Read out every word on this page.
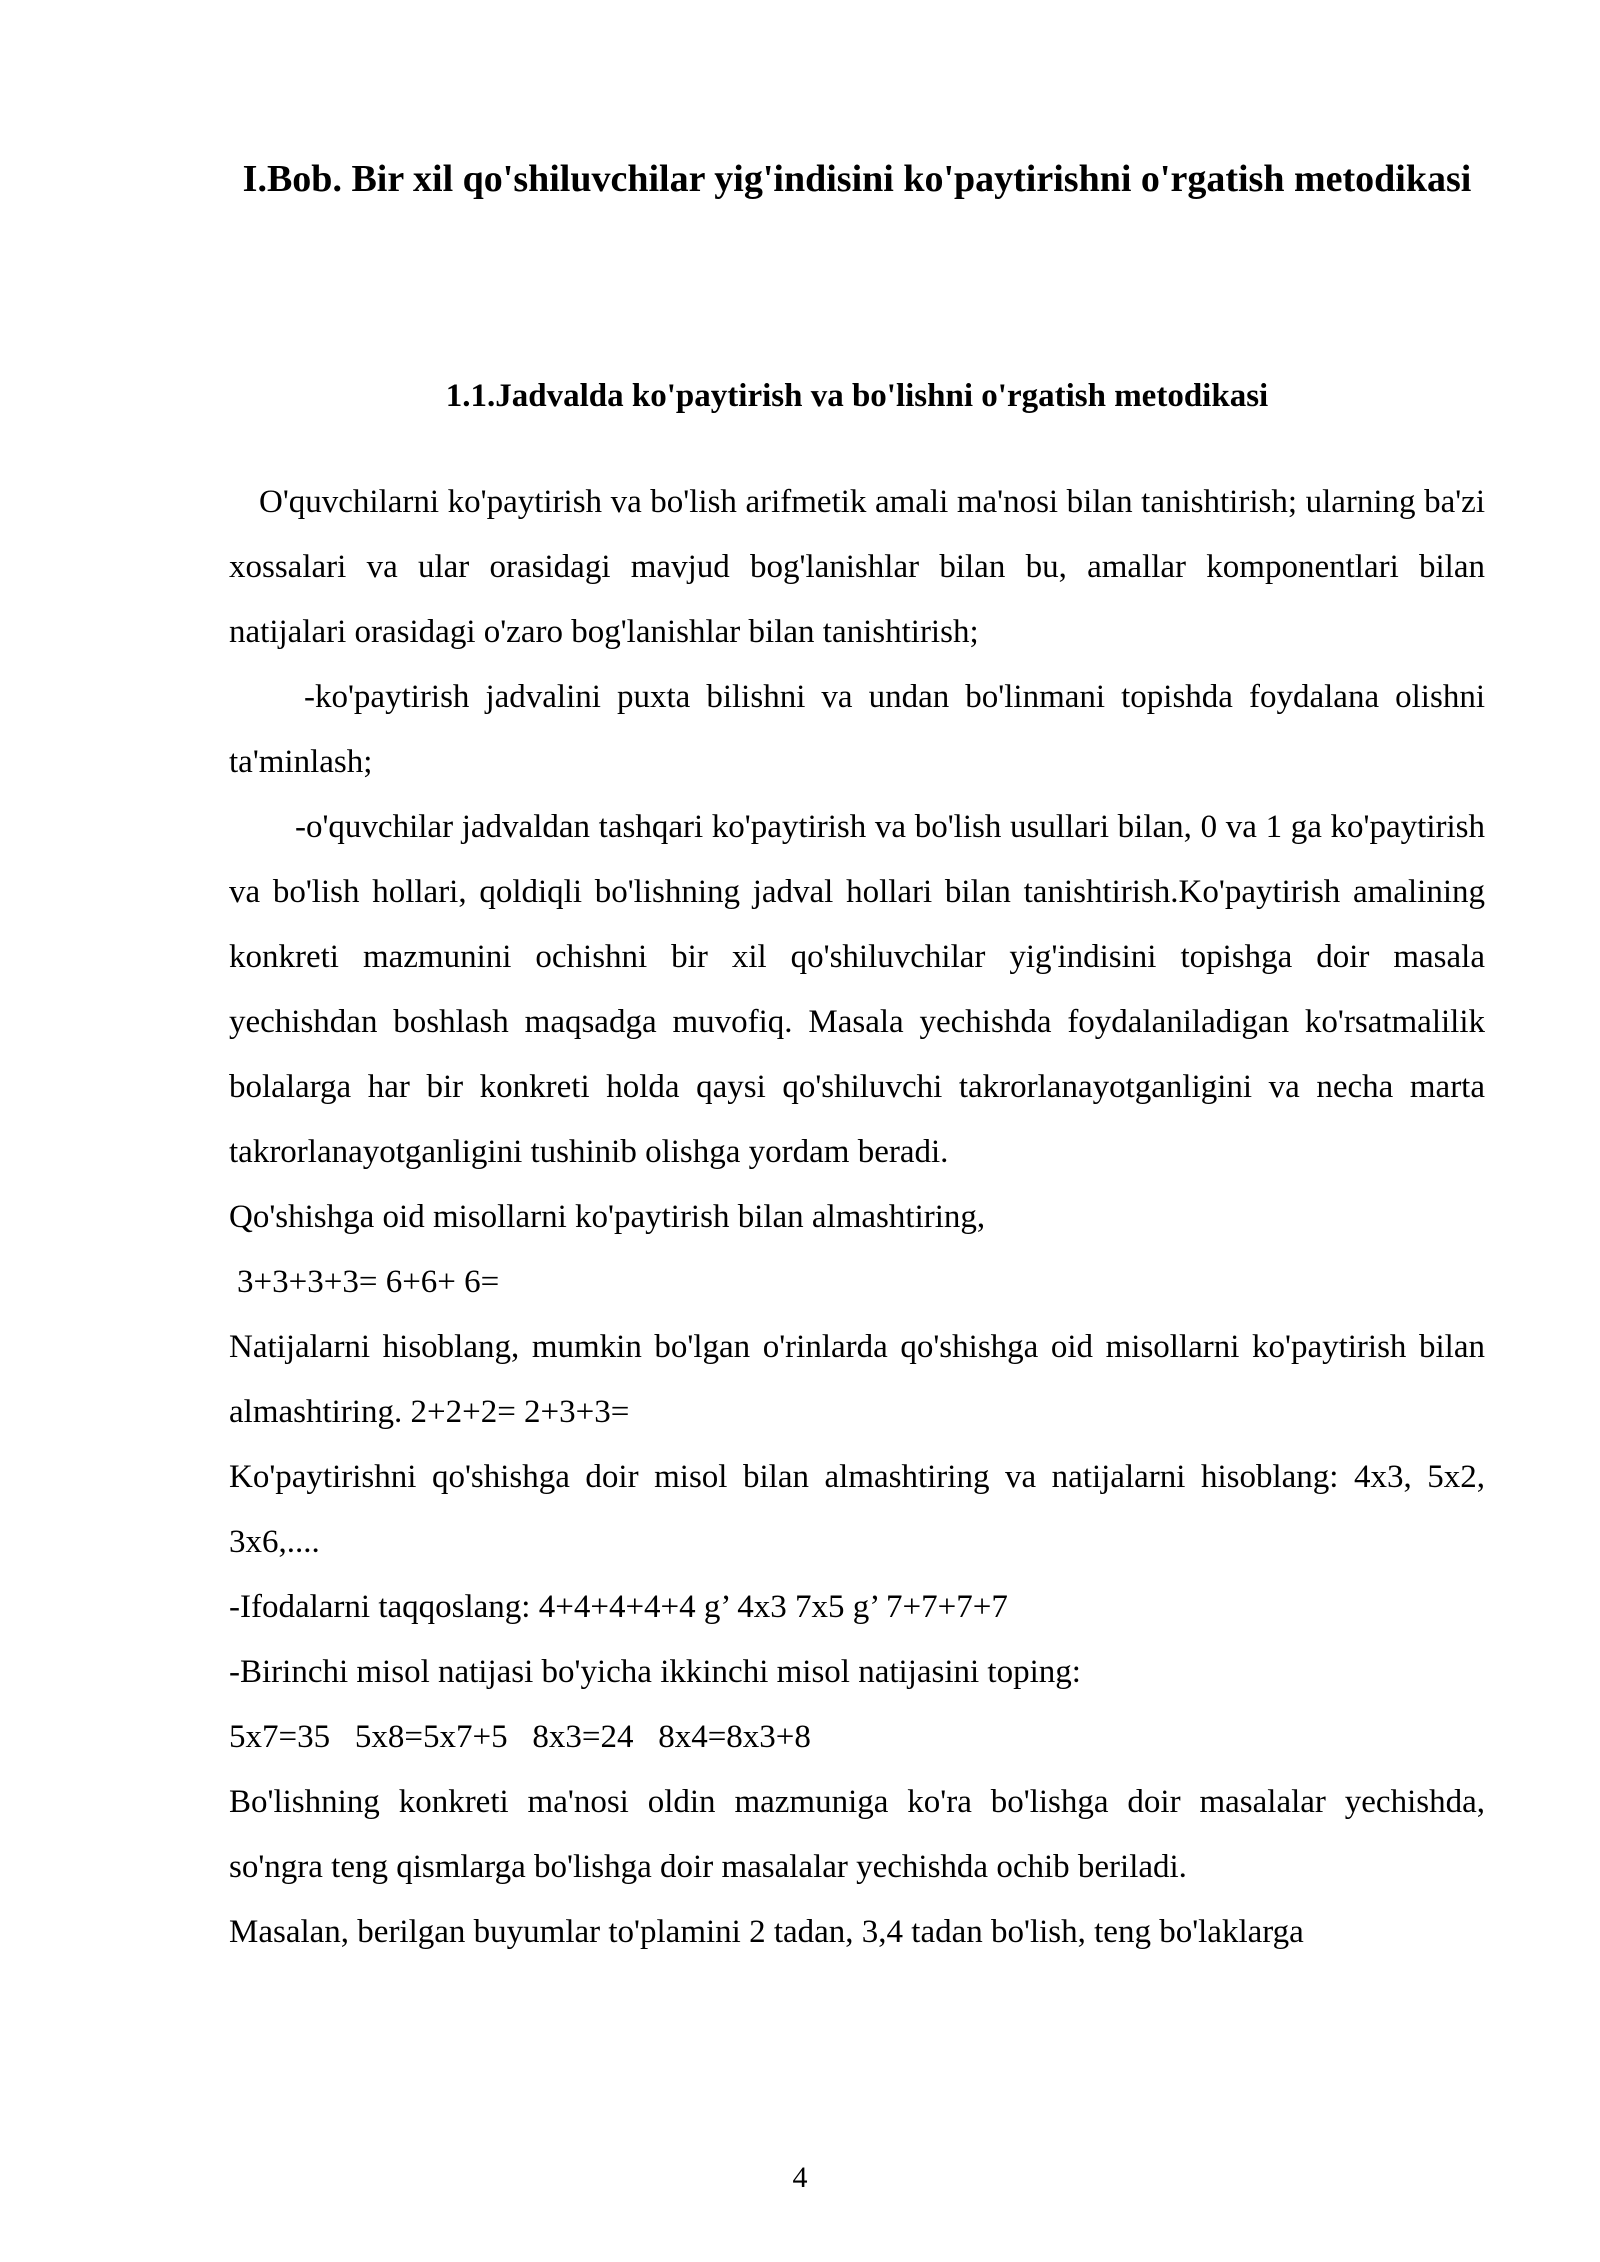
I.Bob. Bir xil qo'shiluvchilar yig'indisini ko'paytirishni o'rgatish metodikasi
1.1.Jadvalda ko'paytirish va bo'lishni o'rgatish metodikasi

O'quvchilarni ko'paytirish va bo'lish arifmetik amali ma'nosi bilan tanishtirish; ularning ba'zi xossalari va ular orasidagi mavjud bog'lanishlar bilan bu, amallar komponentlari bilan natijalari orasidagi o'zaro bog'lanishlar bilan tanishtirish;

-ko'paytirish jadvalini puxta bilishni va undan bo'linmani topishda foydalana olishni ta'minlash;

-o'quvchilar jadvaldan tashqari ko'paytirish va bo'lish usullari bilan, 0 va 1 ga ko'paytirish va bo'lish hollari, qoldiqli bo'lishning jadval hollari bilan tanishtirish.Ko'paytirish amalining konkreti mazmunini ochishni bir xil qo'shiluvchilar yig'indisini topishga doir masala yechishdan boshlash maqsadga muvofiq. Masala yechishda foydalaniladigan ko'rsatmalilik bolalarga har bir konkreti holda qaysi qo'shiluvchi takrorlanayotganligini va necha marta takrorlanayotganligini tushinib olishga yordam beradi.

Qo'shishga oid misollarni ko'paytirish bilan almashtiring,

3+3+3+3= 6+6+ 6=

Natijalarni hisoblang, mumkin bo'lgan o'rinlarda qo'shishga oid misollarni ko'paytirish bilan almashtiring. 2+2+2= 2+3+3=

Ko'paytirishni qo'shishga doir misol bilan almashtiring va natijalarni hisoblang: 4x3, 5x2, 3x6,....

-Ifodalarni taqqoslang: 4+4+4+4+4 g’ 4x3 7x5 g’ 7+7+7+7

-Birinchi misol natijasi bo'yicha ikkinchi misol natijasini toping:

5x7=35   5x8=5x7+5   8x3=24   8x4=8x3+8

Bo'lishning konkreti ma'nosi oldin mazmuniga ko'ra bo'lishga doir masalalar yechishda, so'ngra teng qismlarga bo'lishga doir masalalar yechishda ochib beriladi.

Masalan, berilgan buyumlar to'plamini 2 tadan, 3,4 tadan bo'lish, teng bo'laklarga

4
